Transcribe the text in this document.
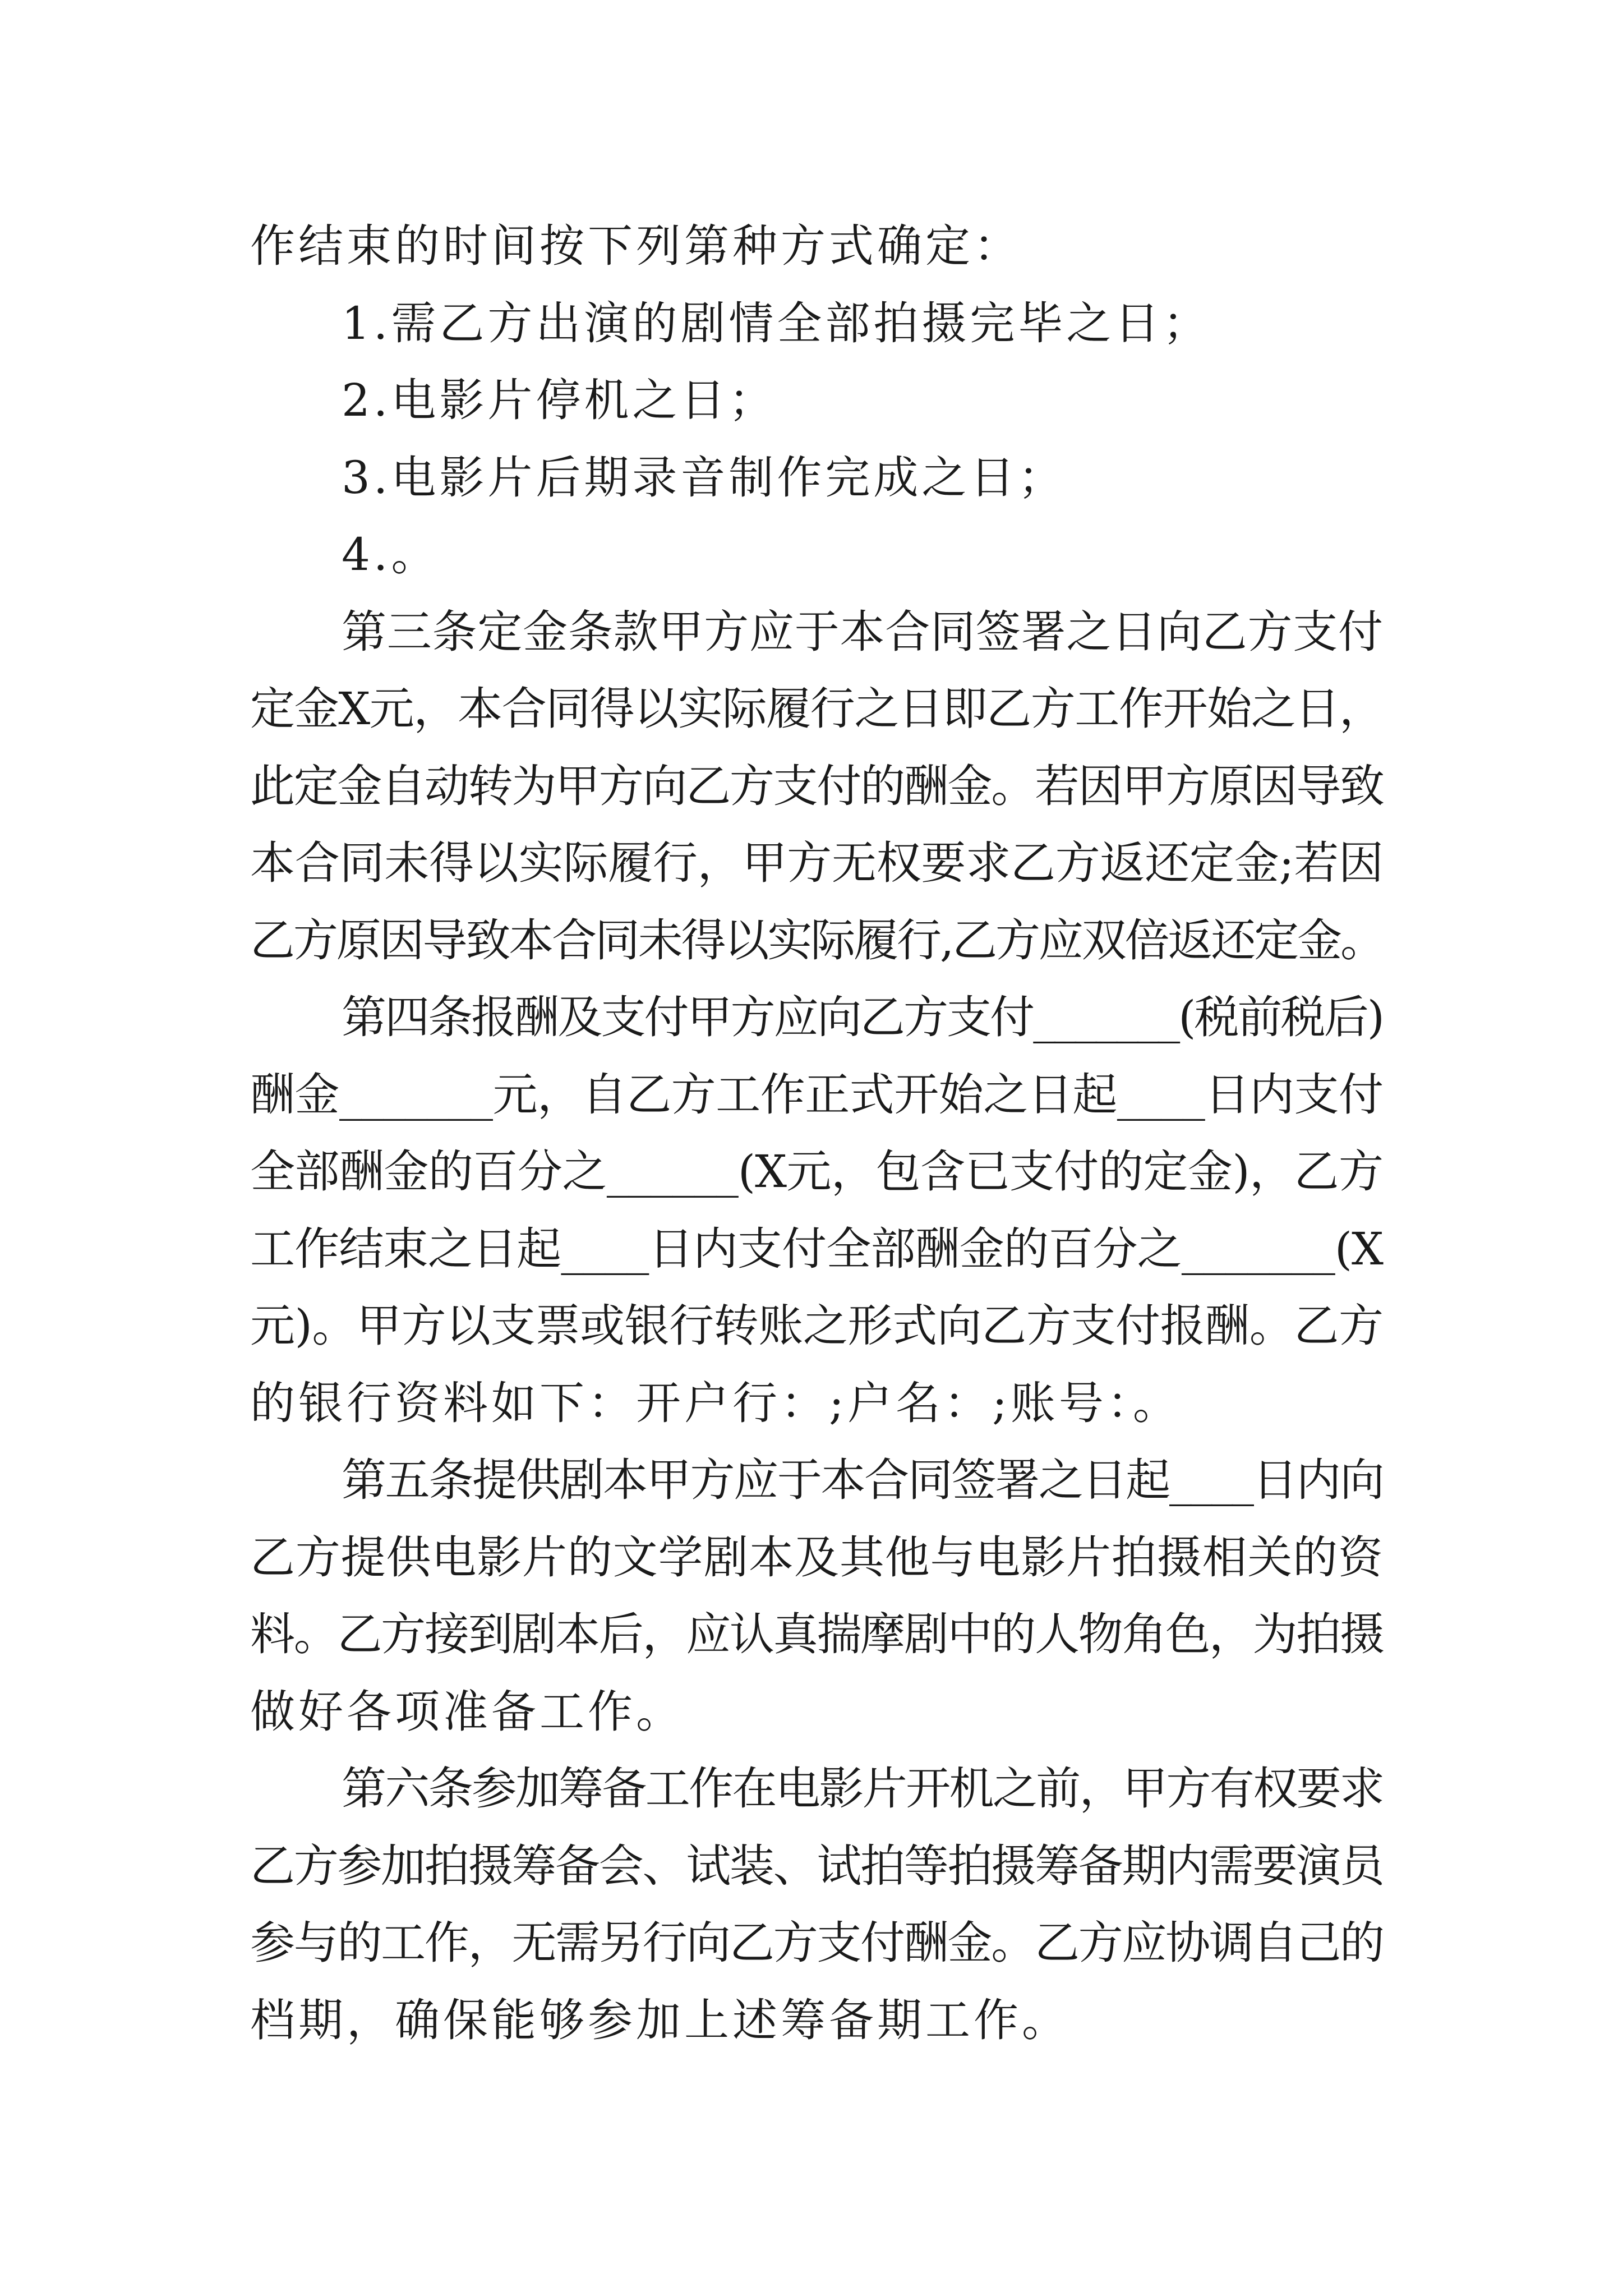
作结束的时间按下列第种方式确定：
1.需乙方出演的剧情全部拍摄完毕之日；
2.电影片停机之日；
3.电影片后期录音制作完成之日；
4.。
第三条定金条款甲方应于本合同签署之日向乙方支付
定金X元，本合同得以实际履行之日即乙方工作开始之日，
此定金自动转为甲方向乙方支付的酬金。若因甲方原因导致
本合同未得以实际履行，甲方无权要求乙方返还定金;若因
乙方原因导致本合同未得以实际履行,乙方应双倍返还定金。
第四条报酬及支付甲方应向乙方支付_______(税前税后)
酬金_______元，自乙方工作正式开始之日起____日内支付
全部酬金的百分之______(X元，包含已支付的定金)，乙方
工作结束之日起____日内支付全部酬金的百分之_______(X
元)。甲方以支票或银行转账之形式向乙方支付报酬。乙方
的银行资料如下：开户行：;户名：;账号：。
第五条提供剧本甲方应于本合同签署之日起____日内向
乙方提供电影片的文学剧本及其他与电影片拍摄相关的资
料。乙方接到剧本后，应认真揣摩剧中的人物角色，为拍摄
做好各项准备工作。
第六条参加筹备工作在电影片开机之前，甲方有权要求
乙方参加拍摄筹备会、试装、试拍等拍摄筹备期内需要演员
参与的工作，无需另行向乙方支付酬金。乙方应协调自己的
档期，确保能够参加上述筹备期工作。
